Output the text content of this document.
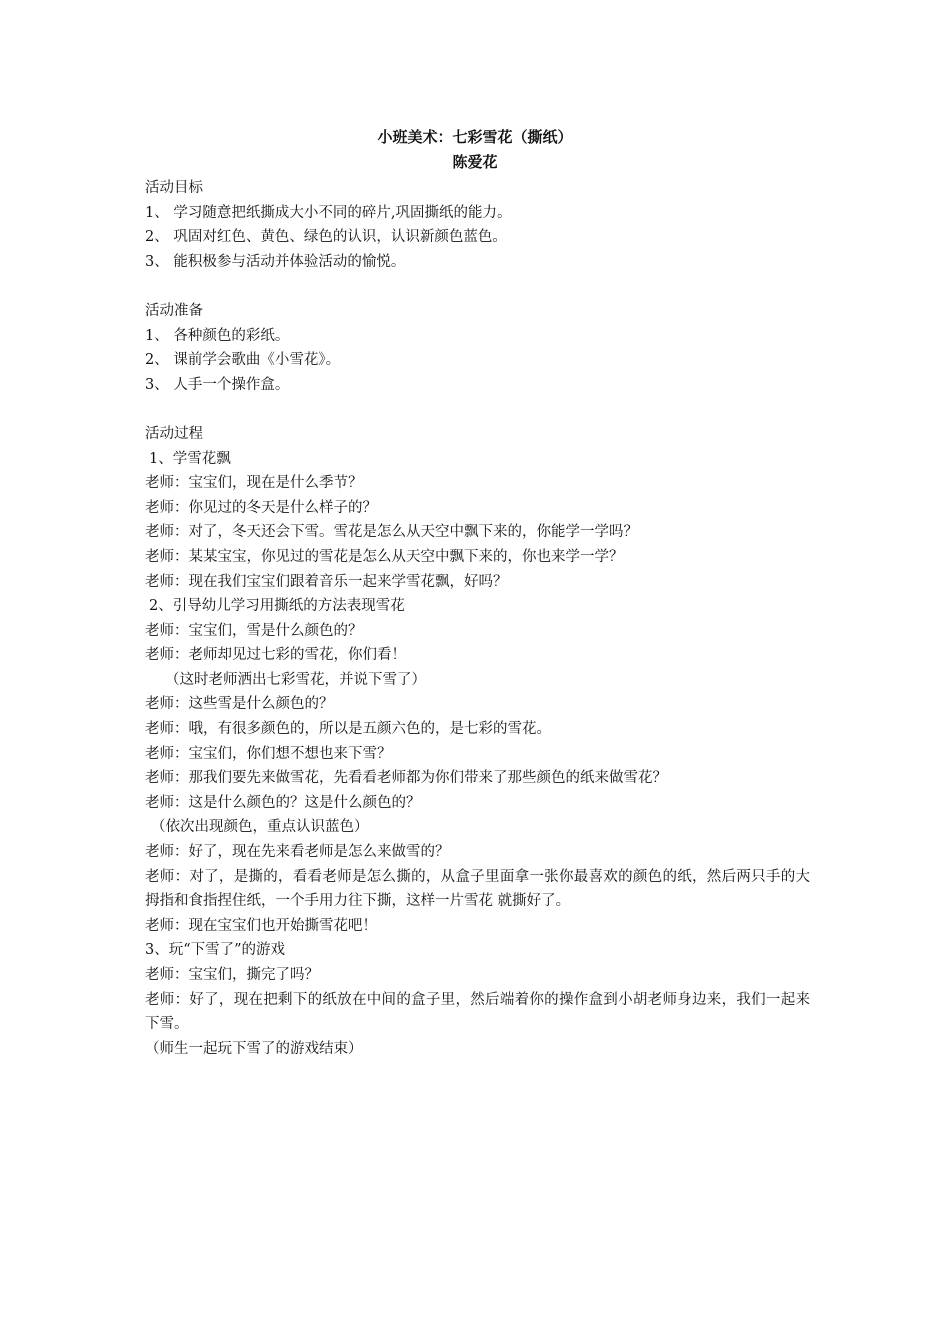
小班美术：七彩雪花（撕纸）
陈爱花
活动目标
1、 学习随意把纸撕成大小不同的碎片,巩固撕纸的能力。
2、 巩固对红色、黄色、绿色的认识，认识新颜色蓝色。
3、 能积极参与活动并体验活动的愉悦。
活动准备
1、 各种颜色的彩纸。
2、 课前学会歌曲《小雪花》。
3、 人手一个操作盒。
活动过程
1、学雪花飘
老师：宝宝们，现在是什么季节？
老师：你见过的冬天是什么样子的？
老师：对了，冬天还会下雪。雪花是怎么从天空中飘下来的，你能学一学吗？
老师：某某宝宝，你见过的雪花是怎么从天空中飘下来的，你也来学一学？
老师：现在我们宝宝们跟着音乐一起来学雪花飘，好吗？
2、引导幼儿学习用撕纸的方法表现雪花
老师：宝宝们，雪是什么颜色的？
老师：老师却见过七彩的雪花，你们看！
（这时老师洒出七彩雪花，并说下雪了）
老师：这些雪是什么颜色的？
老师：哦，有很多颜色的，所以是五颜六色的，是七彩的雪花。
老师：宝宝们，你们想不想也来下雪？
老师：那我们要先来做雪花，先看看老师都为你们带来了那些颜色的纸来做雪花？
老师：这是什么颜色的？这是什么颜色的？
（依次出现颜色，重点认识蓝色）
老师：好了，现在先来看老师是怎么来做雪的？
老师：对了，是撕的，看看老师是怎么撕的，从盒子里面拿一张你最喜欢的颜色的纸，然后两只手的大拇指和食指捏住纸，一个手用力往下撕，这样一片雪花 就撕好了。
老师：现在宝宝们也开始撕雪花吧！
3、玩“下雪了”的游戏
老师：宝宝们，撕完了吗？
老师：好了，现在把剩下的纸放在中间的盒子里，然后端着你的操作盒到小胡老师身边来，我们一起来下雪。
（师生一起玩下雪了的游戏结束）
